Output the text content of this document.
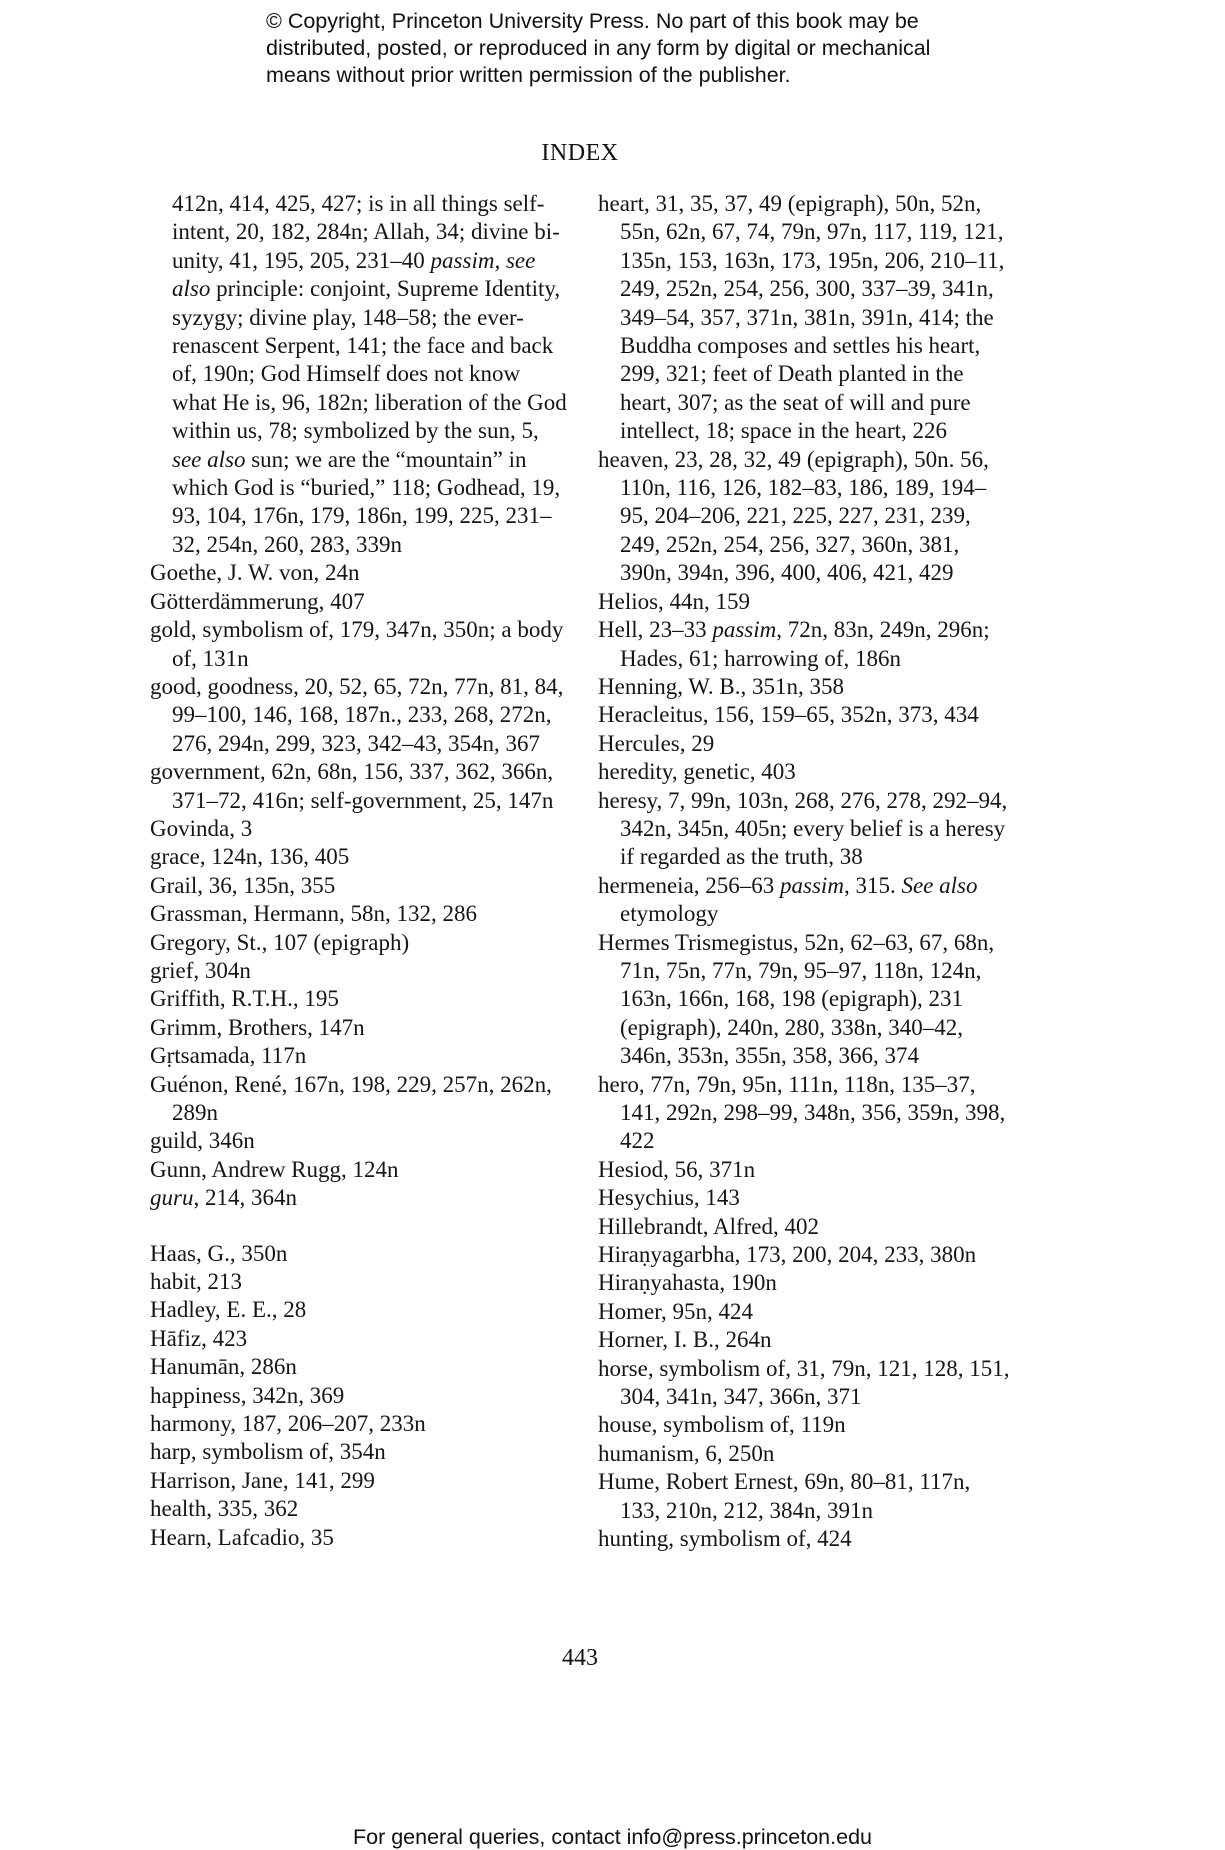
© Copyright, Princeton University Press. No part of this book may be
distributed, posted, or reproduced in any form by digital or mechanical
means without prior written permission of the publisher.
INDEX
412n, 414, 425, 427; is in all things self-intent, 20, 182, 284n; Allah, 34; divine bi-unity, 41, 195, 205, 231–40 passim, see also principle: conjoint, Supreme Identity, syzygy; divine play, 148–58; the ever-renascent Serpent, 141; the face and back of, 190n; God Himself does not know what He is, 96, 182n; liberation of the God within us, 78; symbolized by the sun, 5, see also sun; we are the “mountain” in which God is “buried,” 118; Godhead, 19, 93, 104, 176n, 179, 186n, 199, 225, 231–32, 254n, 260, 283, 339n
Goethe, J. W. von, 24n
Götterdämmerung, 407
gold, symbolism of, 179, 347n, 350n; a body of, 131n
good, goodness, 20, 52, 65, 72n, 77n, 81, 84, 99–100, 146, 168, 187n., 233, 268, 272n, 276, 294n, 299, 323, 342–43, 354n, 367
government, 62n, 68n, 156, 337, 362, 366n, 371–72, 416n; self-government, 25, 147n
Govinda, 3
grace, 124n, 136, 405
Grail, 36, 135n, 355
Grassman, Hermann, 58n, 132, 286
Gregory, St., 107 (epigraph)
grief, 304n
Griffith, R.T.H., 195
Grimm, Brothers, 147n
Gṛtsamada, 117n
Guénon, René, 167n, 198, 229, 257n, 262n, 289n
guild, 346n
Gunn, Andrew Rugg, 124n
guru, 214, 364n
Haas, G., 350n
habit, 213
Hadley, E. E., 28
Hāfiz, 423
Hanumān, 286n
happiness, 342n, 369
harmony, 187, 206–207, 233n
harp, symbolism of, 354n
Harrison, Jane, 141, 299
health, 335, 362
Hearn, Lafcadio, 35
heart, 31, 35, 37, 49 (epigraph), 50n, 52n, 55n, 62n, 67, 74, 79n, 97n, 117, 119, 121, 135n, 153, 163n, 173, 195n, 206, 210–11, 249, 252n, 254, 256, 300, 337–39, 341n, 349–54, 357, 371n, 381n, 391n, 414; the Buddha composes and settles his heart, 299, 321; feet of Death planted in the heart, 307; as the seat of will and pure intellect, 18; space in the heart, 226
heaven, 23, 28, 32, 49 (epigraph), 50n. 56, 110n, 116, 126, 182–83, 186, 189, 194–95, 204–206, 221, 225, 227, 231, 239, 249, 252n, 254, 256, 327, 360n, 381, 390n, 394n, 396, 400, 406, 421, 429
Helios, 44n, 159
Hell, 23–33 passim, 72n, 83n, 249n, 296n; Hades, 61; harrowing of, 186n
Henning, W. B., 351n, 358
Heracleitus, 156, 159–65, 352n, 373, 434
Hercules, 29
heredity, genetic, 403
heresy, 7, 99n, 103n, 268, 276, 278, 292–94, 342n, 345n, 405n; every belief is a heresy if regarded as the truth, 38
hermeneia, 256–63 passim, 315. See also etymology
Hermes Trismegistus, 52n, 62–63, 67, 68n, 71n, 75n, 77n, 79n, 95–97, 118n, 124n, 163n, 166n, 168, 198 (epigraph), 231 (epigraph), 240n, 280, 338n, 340–42, 346n, 353n, 355n, 358, 366, 374
hero, 77n, 79n, 95n, 111n, 118n, 135–37, 141, 292n, 298–99, 348n, 356, 359n, 398, 422
Hesiod, 56, 371n
Hesychius, 143
Hillebrandt, Alfred, 402
Hiraṇyagarbha, 173, 200, 204, 233, 380n
Hiraṇyahasta, 190n
Homer, 95n, 424
Horner, I. B., 264n
horse, symbolism of, 31, 79n, 121, 128, 151, 304, 341n, 347, 366n, 371
house, symbolism of, 119n
humanism, 6, 250n
Hume, Robert Ernest, 69n, 80–81, 117n, 133, 210n, 212, 384n, 391n
hunting, symbolism of, 424
443
For general queries, contact info@press.princeton.edu
